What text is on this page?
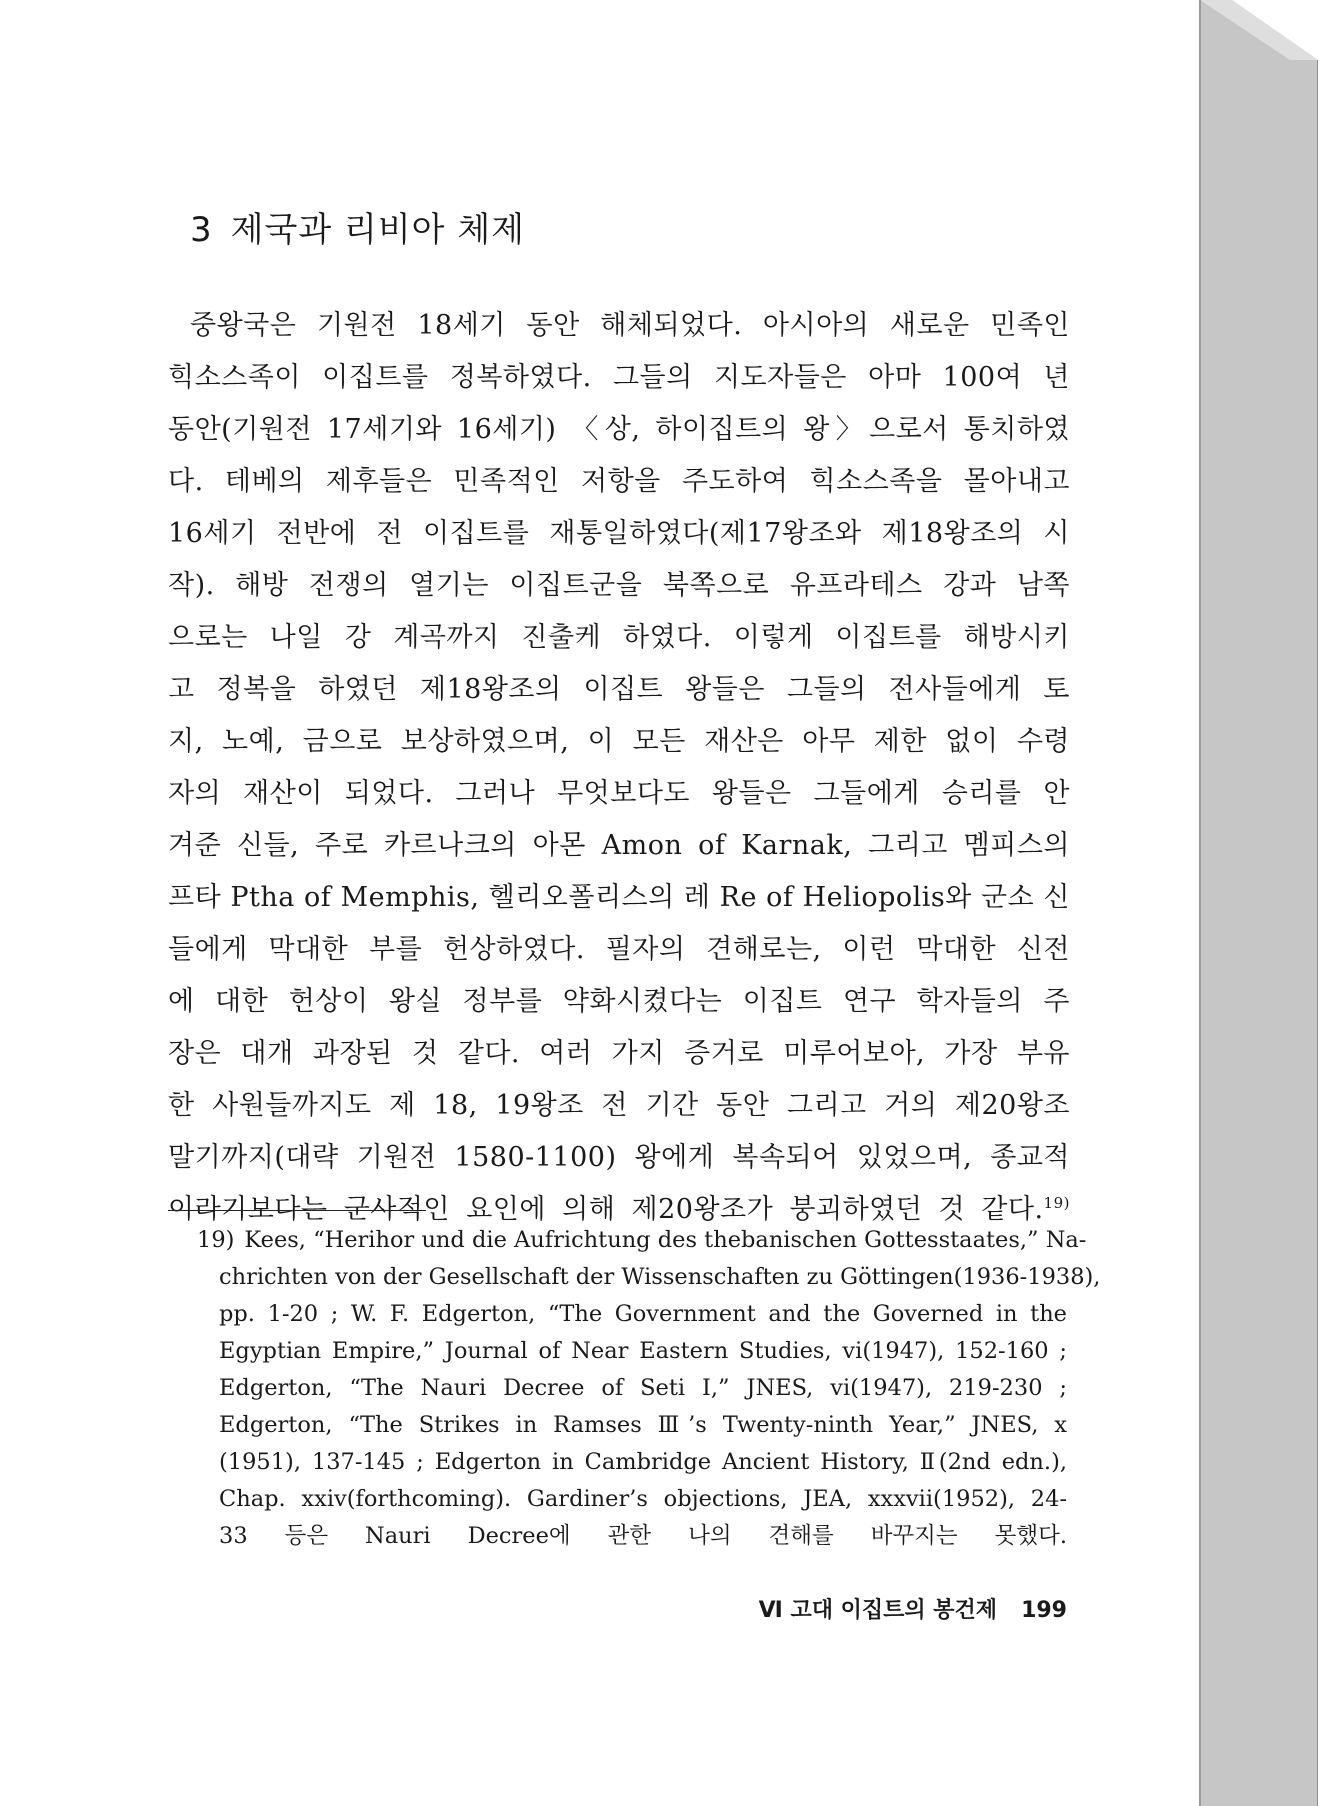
3 제국과 리비아 체제
중왕국은 기원전 18세기 동안 해체되었다. 아시아의 새로운 민족인
힉소스족이 이집트를 정복하였다. 그들의 지도자들은 아마 100여 년
동안(기원전 17세기와 16세기) 〈상, 하이집트의 왕〉으로서 통치하였
다. 테베의 제후들은 민족적인 저항을 주도하여 힉소스족을 몰아내고
16세기 전반에 전 이집트를 재통일하였다(제17왕조와 제18왕조의 시
작). 해방 전쟁의 열기는 이집트군을 북쪽으로 유프라테스 강과 남쪽
으로는 나일 강 계곡까지 진출케 하였다. 이렇게 이집트를 해방시키
고 정복을 하였던 제18왕조의 이집트 왕들은 그들의 전사들에게 토
지, 노예, 금으로 보상하였으며, 이 모든 재산은 아무 제한 없이 수령
자의 재산이 되었다. 그러나 무엇보다도 왕들은 그들에게 승리를 안
겨준 신들, 주로 카르나크의 아몬 Amon of Karnak, 그리고 멤피스의
프타 Ptha of Memphis, 헬리오폴리스의 레 Re of Heliopolis와 군소 신
들에게 막대한 부를 헌상하였다. 필자의 견해로는, 이런 막대한 신전
에 대한 헌상이 왕실 정부를 약화시켰다는 이집트 연구 학자들의 주
장은 대개 과장된 것 같다. 여러 가지 증거로 미루어보아, 가장 부유
한 사원들까지도 제 18, 19왕조 전 기간 동안 그리고 거의 제20왕조
말기까지(대략 기원전 1580-1100) 왕에게 복속되어 있었으며, 종교적
이라기보다는 군사적인 요인에 의해 제20왕조가 붕괴하였던 것 같다.$^{19)}$
19) Kees, “Herihor und die Aufrichtung des thebanischen Gottesstaates,” Na-
chrichten von der Gesellschaft der Wissenschaften zu Göttingen(1936-1938),
pp. 1-20 ; W. F. Edgerton, “The Government and the Governed in the
Egyptian Empire,” Journal of Near Eastern Studies, vi(1947), 152-160 ;
Edgerton, “The Nauri Decree of Seti I,” JNES, vi(1947), 219-230 ;
Edgerton, “The Strikes in Ramses Ⅲ’s Twenty-ninth Year,” JNES, x
(1951), 137-145 ; Edgerton in Cambridge Ancient History, Ⅱ(2nd edn.),
Chap. xxiv(forthcoming). Gardiner’s objections, JEA, xxxvii(1952), 24-
33 등은 Nauri Decree에 관한 나의 견해를 바꾸지는 못했다.
Ⅵ 고대 이집트의 봉건제 199
